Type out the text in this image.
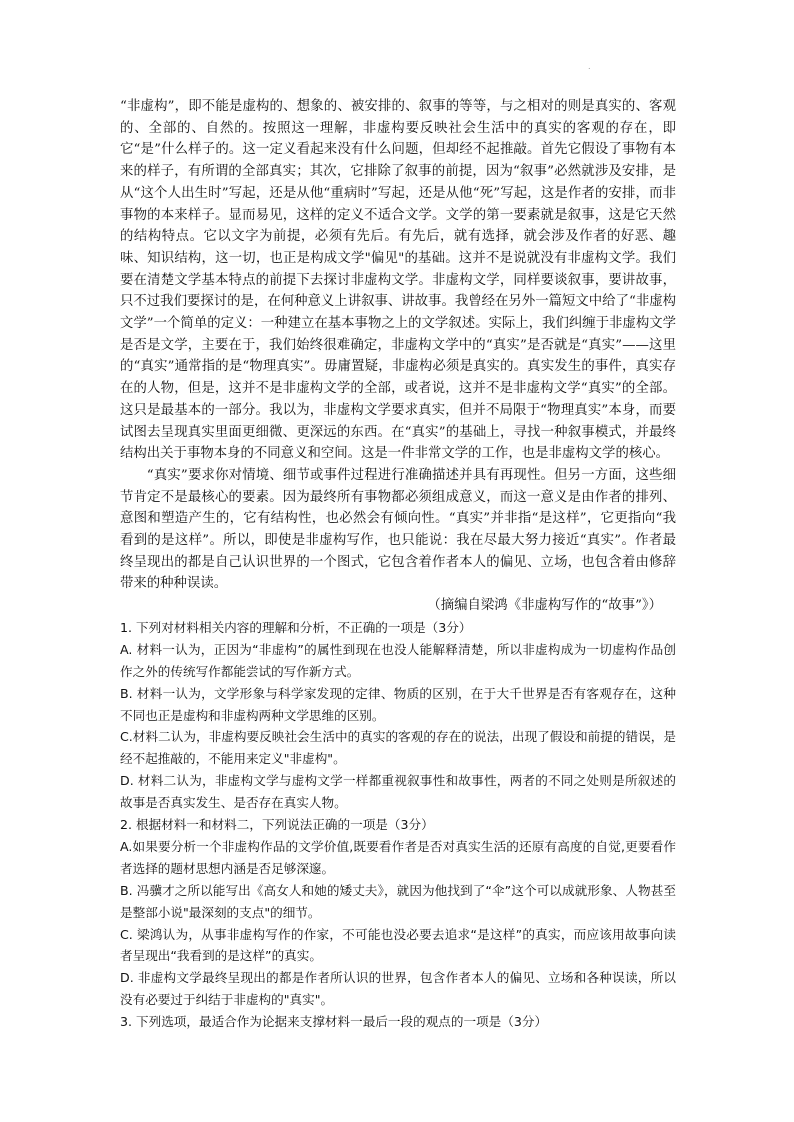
.

“非虚构”，即不能是虚构的、想象的、被安排的、叙事的等等，与之相对的则是真实的、客观的、全部的、自然的。按照这一理解，非虚构要反映社会生活中的真实的客观的存在，即它“是”什么样子的。这一定义看起来没有什么问题，但却经不起推敲。首先它假设了事物有本来的样子，有所谓的全部真实；其次，它排除了叙事的前提，因为“叙事”必然就涉及安排，是从“这个人出生时”写起，还是从他“重病时”写起，还是从他“死”写起，这是作者的安排，而非事物的本来样子。显而易见，这样的定义不适合文学。文学的第一要素就是叙事，这是它天然的结构特点。它以文字为前提，必须有先后。有先后，就有选择，就会涉及作者的好恶、趣味、知识结构，这一切，也正是构成文学"偏见"的基础。这并不是说就没有非虚构文学。我们要在清楚文学基本特点的前提下去探讨非虚构文学。非虚构文学，同样要谈叙事，要讲故事，只不过我们要探讨的是，在何种意义上讲叙事、讲故事。我曾经在另外一篇短文中给了“非虚构文学”一个简单的定义：一种建立在基本事物之上的文学叙述。实际上，我们纠缠于非虚构文学是否是文学，主要在于，我们始终很难确定，非虚构文学中的“真实”是否就是“真实”——这里的“真实”通常指的是“物理真实”。毋庸置疑，非虚构必须是真实的。真实发生的事件，真实存在的人物，但是，这并不是非虚构文学的全部，或者说，这并不是非虚构文学“真实”的全部。这只是最基本的一部分。我以为，非虚构文学要求真实，但并不局限于“物理真实”本身，而要试图去呈现真实里面更细微、更深远的东西。在“真实”的基础上，寻找一种叙事模式，并最终结构出关于事物本身的不同意义和空间。这是一件非常文学的工作，也是非虚构文学的核心。

“真实”要求你对情境、细节或事件过程进行准确描述并具有再现性。但另一方面，这些细节肯定不是最核心的要素。因为最终所有事物都必须组成意义，而这一意义是由作者的排列、意图和塑造产生的，它有结构性，也必然会有倾向性。“真实”并非指“是这样”，它更指向“我看到的是这样”。所以，即使是非虚构写作，也只能说：我在尽最大努力接近“真实”。作者最终呈现出的都是自己认识世界的一个图式，它包含着作者本人的偏见、立场，也包含着由修辞带来的种种误读。

（摘编自梁鸿《非虚构写作的“故事”》）

1. 下列对材料相关内容的理解和分析，不正确的一项是（3分）

A. 材料一认为，正因为“非虚构”的属性到现在也没人能解释清楚，所以非虚构成为一切虚构作品创作之外的传统写作都能尝试的写作新方式。

B. 材料一认为，文学形象与科学家发现的定律、物质的区别，在于大千世界是否有客观存在，这种不同也正是虚构和非虚构两种文学思维的区别。

C.材料二认为，非虚构要反映社会生活中的真实的客观的存在的说法，出现了假设和前提的错误，是经不起推敲的，不能用来定义"非虚构"。

D. 材料二认为，非虚构文学与虚构文学一样都重视叙事性和故事性，两者的不同之处则是所叙述的故事是否真实发生、是否存在真实人物。

2. 根据材料一和材料二，下列说法正确的一项是（3分）

A.如果要分析一个非虚构作品的文学价值,既要看作者是否对真实生活的还原有高度的自觉,更要看作者选择的题材思想内涵是否足够深邃。

B. 冯骥才之所以能写出《高女人和她的矮丈夫》，就因为他找到了“伞”这个可以成就形象、人物甚至是整部小说"最深刻的支点"的细节。

C. 梁鸿认为，从事非虚构写作的作家，不可能也没必要去追求“是这样”的真实，而应该用故事向读者呈现出“我看到的是这样”的真实。

D. 非虚构文学最终呈现出的都是作者所认识的世界，包含作者本人的偏见、立场和各种误读，所以没有必要过于纠结于非虚构的"真实"。

3. 下列选项，最适合作为论据来支撑材料一最后一段的观点的一项是（3分）
